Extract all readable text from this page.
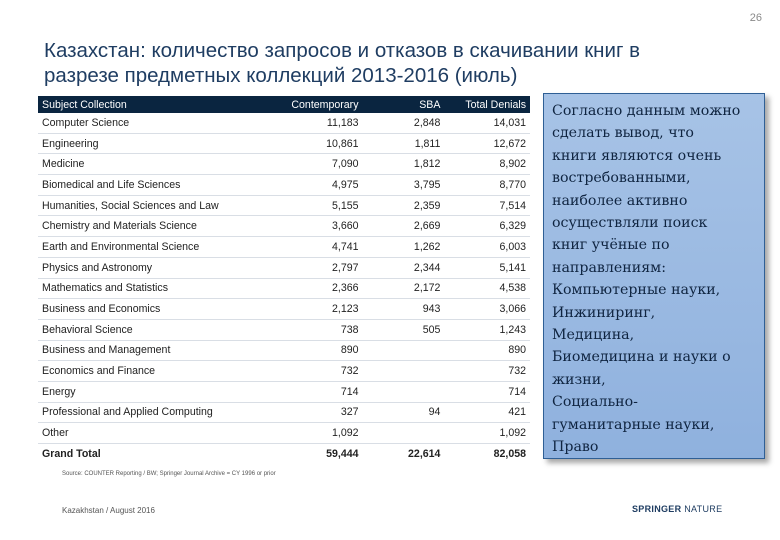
26
Казахстан: количество запросов и отказов в скачивании книг в
разрезе предметных коллекций 2013-2016 (июль)
Subject Collection	Contemporary	SBA	Total Denials
Computer Science	11,183	2,848	14,031
Engineering	10,861	1,811	12,672
Medicine	7,090	1,812	8,902
Biomedical and Life Sciences	4,975	3,795	8,770
Humanities, Social Sciences and Law	5,155	2,359	7,514
Chemistry and Materials Science	3,660	2,669	6,329
Earth and Environmental Science	4,741	1,262	6,003
Physics and Astronomy	2,797	2,344	5,141
Mathematics and Statistics	2,366	2,172	4,538
Business and Economics	2,123	943	3,066
Behavioral Science	738	505	1,243
Business and Management	890		890
Economics and Finance	732		732
Energy	714		714
Professional and Applied Computing	327	94	421
Other	1,092		1,092
Grand Total	59,444	22,614	82,058
Source: COUNTER Reporting / BW; Springer Journal Archive = CY 1996 or prior
Kazakhstan / August 2016	SPRINGER NATURE
Согласно данным можно
сделать вывод, что
книги являются очень
востребованными,
наиболее активно
осуществляли поиск
книг учёные по
направлениям:
Компьютерные науки,
Инжиниринг,
Медицина,
Биомедицина и науки о
жизни,
Социально-
гуманитарные науки,
Право
